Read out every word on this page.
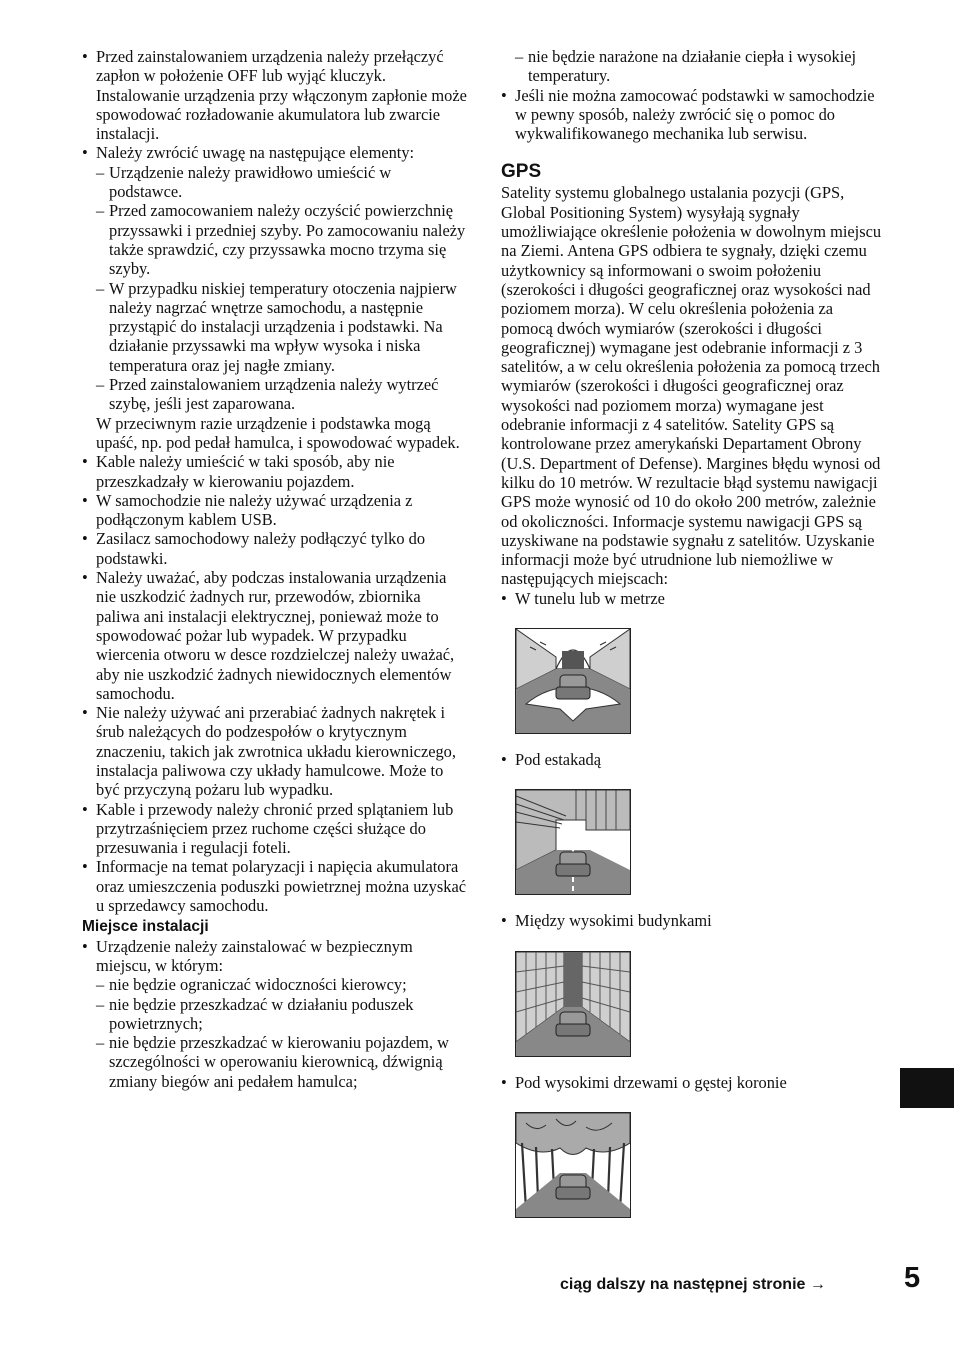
• Przed zainstalowaniem urządzenia należy przełączyć zapłon w położenie OFF lub wyjąć kluczyk. Instalowanie urządzenia przy włączonym zapłonie może spowodować rozładowanie akumulatora lub zwarcie instalacji.
• Należy zwrócić uwagę na następujące elementy:
– Urządzenie należy prawidłowo umieścić w podstawce.
– Przed zamocowaniem należy oczyścić powierzchnię przyssawki i przedniej szyby. Po zamocowaniu należy także sprawdzić, czy przyssawka mocno trzyma się szyby.
– W przypadku niskiej temperatury otoczenia najpierw należy nagrzać wnętrze samochodu, a następnie przystąpić do instalacji urządzenia i podstawki. Na działanie przyssawki ma wpływ wysoka i niska temperatura oraz jej nagłe zmiany.
– Przed zainstalowaniem urządzenia należy wytrzeć szybę, jeśli jest zaparowana.
W przeciwnym razie urządzenie i podstawka mogą upaść, np. pod pedał hamulca, i spowodować wypadek.
• Kable należy umieścić w taki sposób, aby nie przeszkadzały w kierowaniu pojazdem.
• W samochodzie nie należy używać urządzenia z podłączonym kablem USB.
• Zasilacz samochodowy należy podłączyć tylko do podstawki.
• Należy uważać, aby podczas instalowania urządzenia nie uszkodzić żadnych rur, przewodów, zbiornika paliwa ani instalacji elektrycznej, ponieważ może to spowodować pożar lub wypadek. W przypadku wiercenia otworu w desce rozdzielczej należy uważać, aby nie uszkodzić żadnych niewidocznych elementów samochodu.
• Nie należy używać ani przerabiać żadnych nakrętek i śrub należących do podzespołów o krytycznym znaczeniu, takich jak zwrotnica układu kierowniczego, instalacja paliwowa czy układy hamulcowe. Może to być przyczyną pożaru lub wypadku.
• Kable i przewody należy chronić przed splątaniem lub przytrzaśnięciem przez ruchome części służące do przesuwania i regulacji foteli.
• Informacje na temat polaryzacji i napięcia akumulatora oraz umieszczenia poduszki powietrznej można uzyskać u sprzedawcy samochodu.
Miejsce instalacji
• Urządzenie należy zainstalować w bezpiecznym miejscu, w którym:
– nie będzie ograniczać widoczności kierowcy;
– nie będzie przeszkadzać w działaniu poduszek powietrznych;
– nie będzie przeszkadzać w kierowaniu pojazdem, w szczególności w operowaniu kierownicą, dźwignią zmiany biegów ani pedałem hamulca;
– nie będzie narażone na działanie ciepła i wysokiej temperatury.
• Jeśli nie można zamocować podstawki w samochodzie w pewny sposób, należy zwrócić się o pomoc do wykwalifikowanego mechanika lub serwisu.
GPS
Satelity systemu globalnego ustalania pozycji (GPS, Global Positioning System) wysyłają sygnały umożliwiające określenie położenia w dowolnym miejscu na Ziemi. Antena GPS odbiera te sygnały, dzięki czemu użytkownicy są informowani o swoim położeniu (szerokości i długości geograficznej oraz wysokości nad poziomem morza). W celu określenia położenia za pomocą dwóch wymiarów (szerokości i długości geograficznej) wymagane jest odebranie informacji z 3 satelitów, a w celu określenia położenia za pomocą trzech wymiarów (szerokości i długości geograficznej oraz wysokości nad poziomem morza) wymagane jest odebranie informacji z 4 satelitów. Satelity GPS są kontrolowane przez amerykański Departament Obrony (U.S. Department of Defense). Margines błędu wynosi od kilku do 10 metrów. W rezultacie błąd systemu nawigacji GPS może wynosić od 10 do około 200 metrów, zależnie od okoliczności. Informacje systemu nawigacji GPS są uzyskiwane na podstawie sygnału z satelitów. Uzyskanie informacji może być utrudnione lub niemożliwe w następujących miejscach:
• W tunelu lub w metrze
• Pod estakadą
• Między wysokimi budynkami
• Pod wysokimi drzewami o gęstej koronie
ciąg dalszy na następnej stronie →	5
